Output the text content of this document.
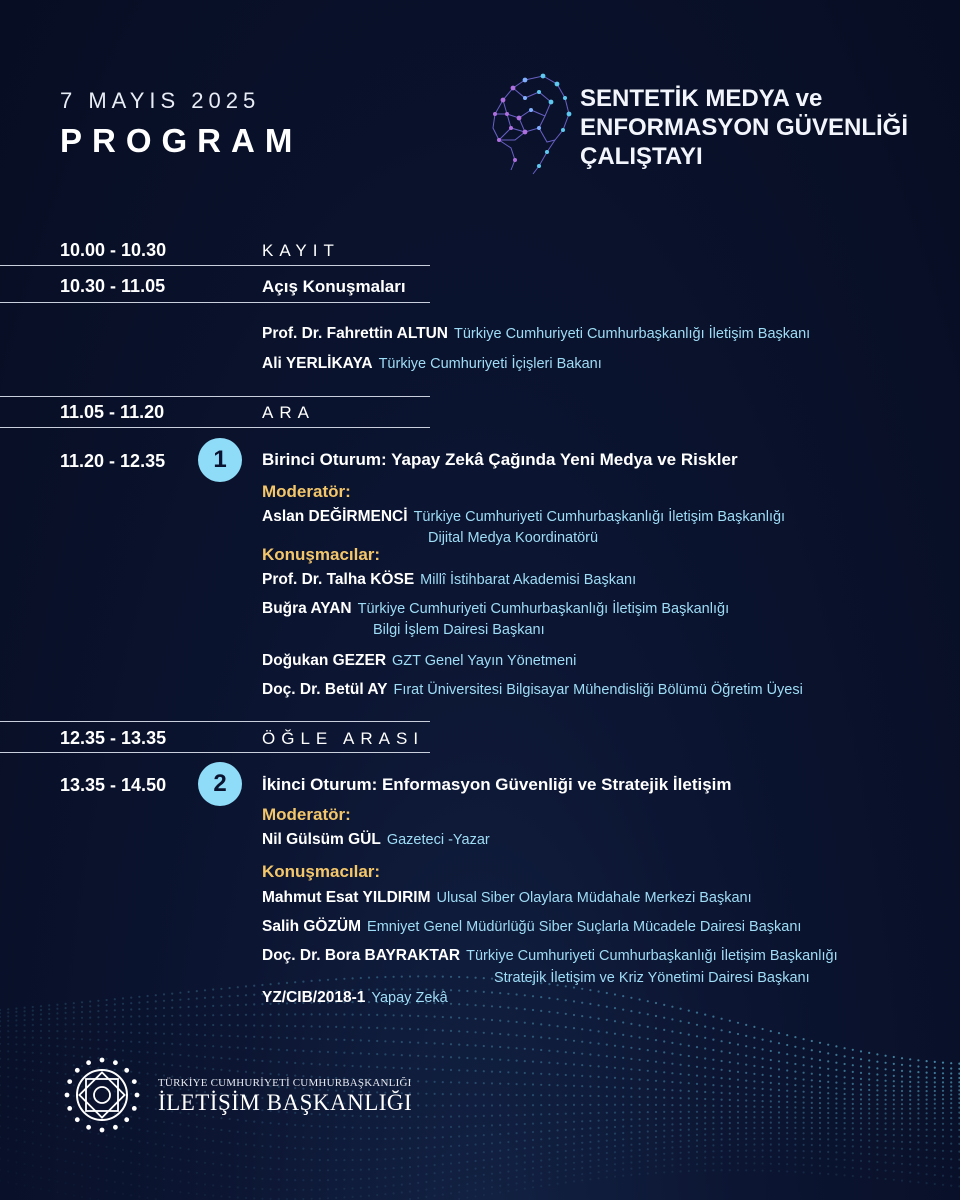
7 MAYIS 2025
PROGRAM
SENTETİK MEDYA ve
ENFORMASYON GÜVENLİĞİ
ÇALIŞTAYI
10.00 - 10.30	KAYIT
10.30 - 11.05	Açış Konuşmaları
Prof. Dr. Fahrettin ALTUN Türkiye Cumhuriyeti Cumhurbaşkanlığı İletişim Başkanı
Ali YERLİKAYA Türkiye Cumhuriyeti İçişleri Bakanı
11.05 - 11.20	ARA
11.20 - 12.35	1	Birinci Oturum: Yapay Zekâ Çağında Yeni Medya ve Riskler
Moderatör:
Aslan DEĞİRMENCİ Türkiye Cumhuriyeti Cumhurbaşkanlığı İletişim Başkanlığı
Dijital Medya Koordinatörü
Konuşmacılar:
Prof. Dr. Talha KÖSE Millî İstihbarat Akademisi Başkanı
Buğra AYAN Türkiye Cumhuriyeti Cumhurbaşkanlığı İletişim Başkanlığı
Bilgi İşlem Dairesi Başkanı
Doğukan GEZER GZT Genel Yayın Yönetmeni
Doç. Dr. Betül AY Fırat Üniversitesi Bilgisayar Mühendisliği Bölümü Öğretim Üyesi
12.35 - 13.35	ÖĞLE ARASI
13.35 - 14.50	2	İkinci Oturum: Enformasyon Güvenliği ve Stratejik İletişim
Moderatör:
Nil Gülsüm GÜL Gazeteci -Yazar
Konuşmacılar:
Mahmut Esat YILDIRIM Ulusal Siber Olaylara Müdahale Merkezi Başkanı
Salih GÖZÜM Emniyet Genel Müdürlüğü Siber Suçlarla Mücadele Dairesi Başkanı
Doç. Dr. Bora BAYRAKTAR Türkiye Cumhuriyeti Cumhurbaşkanlığı İletişim Başkanlığı
Stratejik İletişim ve Kriz Yönetimi Dairesi Başkanı
YZ/CIB/2018-1 Yapay Zekâ
TÜRKİYE CUMHURİYETİ CUMHURBAŞKANLIĞI
İLETİŞİM BAŞKANLIĞI
